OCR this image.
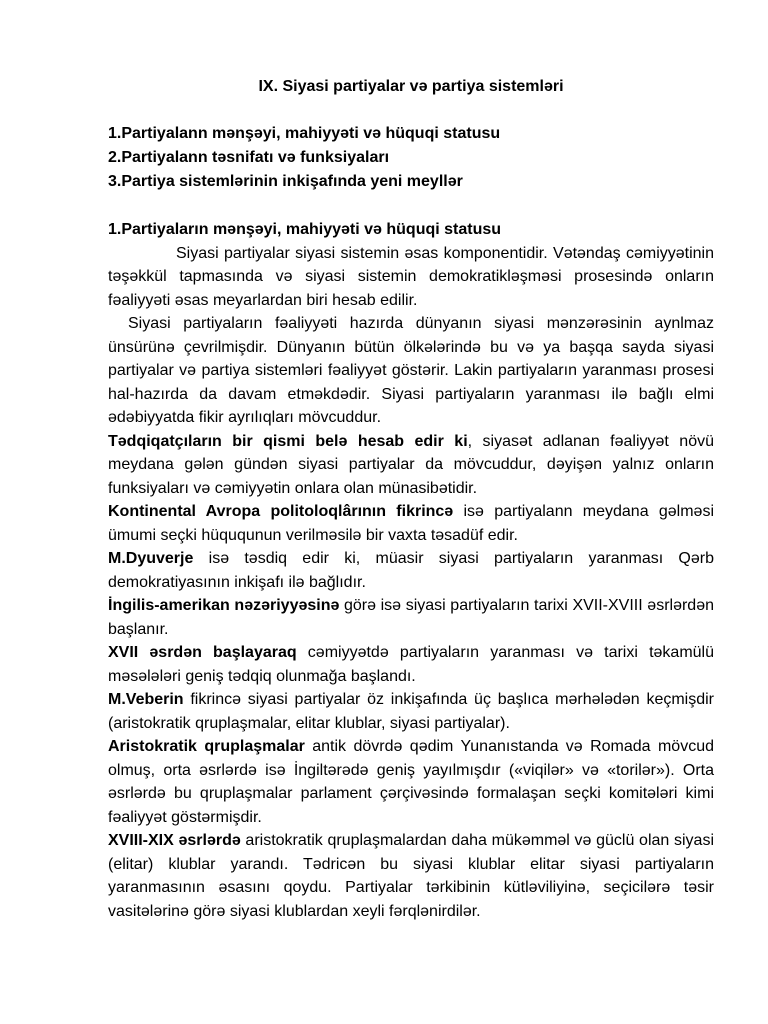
IX. Siyasi partiyalar və partiya sistemləri
1.Partiyalann mənşəyi, mahiyyəti və hüquqi statusu
2.Partiyalann təsnifatı və funksiyaları
3.Partiya sistemlərinin inkişafında yeni meyllər
1.Partiyaların mənşəyi, mahiyyəti və hüquqi statusu

Siyasi partiyalar siyasi sistemin əsas komponentidir. Vətəndaş cəmiyyətinin təşəkkül tapmasında və siyasi sistemin demokratikləşməsi prosesində onların fəaliyyəti əsas meyarlardan biri hesab edilir.

Siyasi partiyaların fəaliyyəti hazırda dünyanın siyasi mənzərəsinin aynlmaz ünsürünə çevrilmişdir. Dünyanın bütün ölkələrində bu və ya başqa sayda siyasi partiyalar və partiya sistemləri fəaliyyət göstərir. Lakin partiyaların yaranması prosesi hal-hazırda da davam etməkdədir. Siyasi partiyaların yaranması ilə bağlı elmi ədəbiyyatda fikir ayrılıqları mövcuddur.

Tədqiqatçıların bir qismi belə hesab edir ki, siyasət adlanan fəaliyyət növü meydana gələn gündən siyasi partiyalar da mövcuddur, dəyişən yalnız onların funksiyaları və cəmiyyətin onlara olan münasibətidir.

Kontinental Avropa politoloqlârının fikrincə isə partiyalann meydana gəlməsi ümumi seçki hüququnun verilməsilə bir vaxta təsadüf edir.

M.Dyuverje isə təsdiq edir ki, müasir siyasi partiyaların yaranması Qərb demokratiyasının inkişafı ilə bağlıdır.

İngilis-amerikan nəzəriyyəsinə görə isə siyasi partiyaların tarixi XVII-XVIII əsrlərdən başlanır.

XVII əsrdən başlayaraq cəmiyyətdə partiyaların yaranması və tarixi təkamülü məsələləri geniş tədqiq olunmağa başlandı.

M.Veberin fikrincə siyasi partiyalar öz inkişafında üç başlıca mərhələdən keçmişdir (aristokratik qruplaşmalar, elitar klublar, siyasi partiyalar).

Aristokratik qruplaşmalar antik dövrdə qədim Yunanıstanda və Romada mövcud olmuş, orta əsrlərdə isə İngiltərədə geniş yayılmışdır («viqilər» və «torilər»). Orta əsrlərdə bu qruplaşmalar parlament çərçivəsində formalaşan seçki komitələri kimi fəaliyyət göstərmişdir.

XVIII-XIX əsrlərdə aristokratik qruplaşmalardan daha mükəmməl və güclü olan siyasi (elitar) klublar yarandı. Tədricən bu siyasi klublar elitar siyasi partiyaların yaranmasının əsasını qoydu. Partiyalar tərkibinin kütləviliyinə, seçicilərə təsir vasitələrinə görə siyasi klublardan xeyli fərqlənirdilər.
